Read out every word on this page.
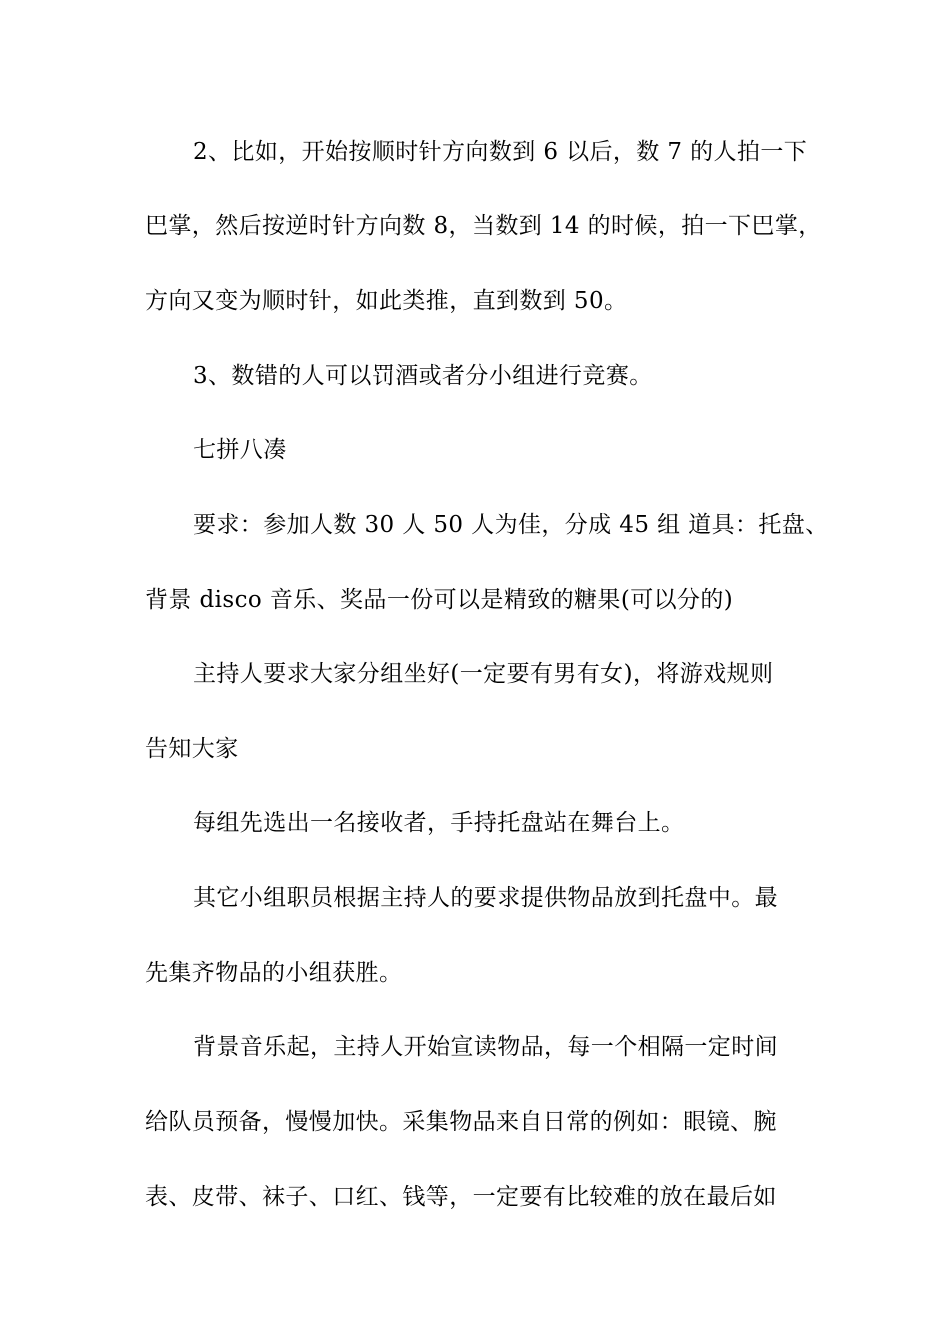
2、比如，开始按顺时针方向数到 6 以后，数 7 的人拍一下
巴掌，然后按逆时针方向数 8，当数到 14 的时候，拍一下巴掌，
方向又变为顺时针，如此类推，直到数到 50。
3、数错的人可以罚酒或者分小组进行竞赛。
七拼八凑
要求：参加人数 30 人 50 人为佳，分成 45 组 道具：托盘、
背景 disco 音乐、奖品一份可以是精致的糖果(可以分的)
主持人要求大家分组坐好(一定要有男有女)，将游戏规则
告知大家
每组先选出一名接收者，手持托盘站在舞台上。
其它小组职员根据主持人的要求提供物品放到托盘中。最
先集齐物品的小组获胜。
背景音乐起，主持人开始宣读物品，每一个相隔一定时间
给队员预备，慢慢加快。采集物品来自日常的例如：眼镜、腕
表、皮带、袜子、口红、钱等，一定要有比较难的放在最后如
